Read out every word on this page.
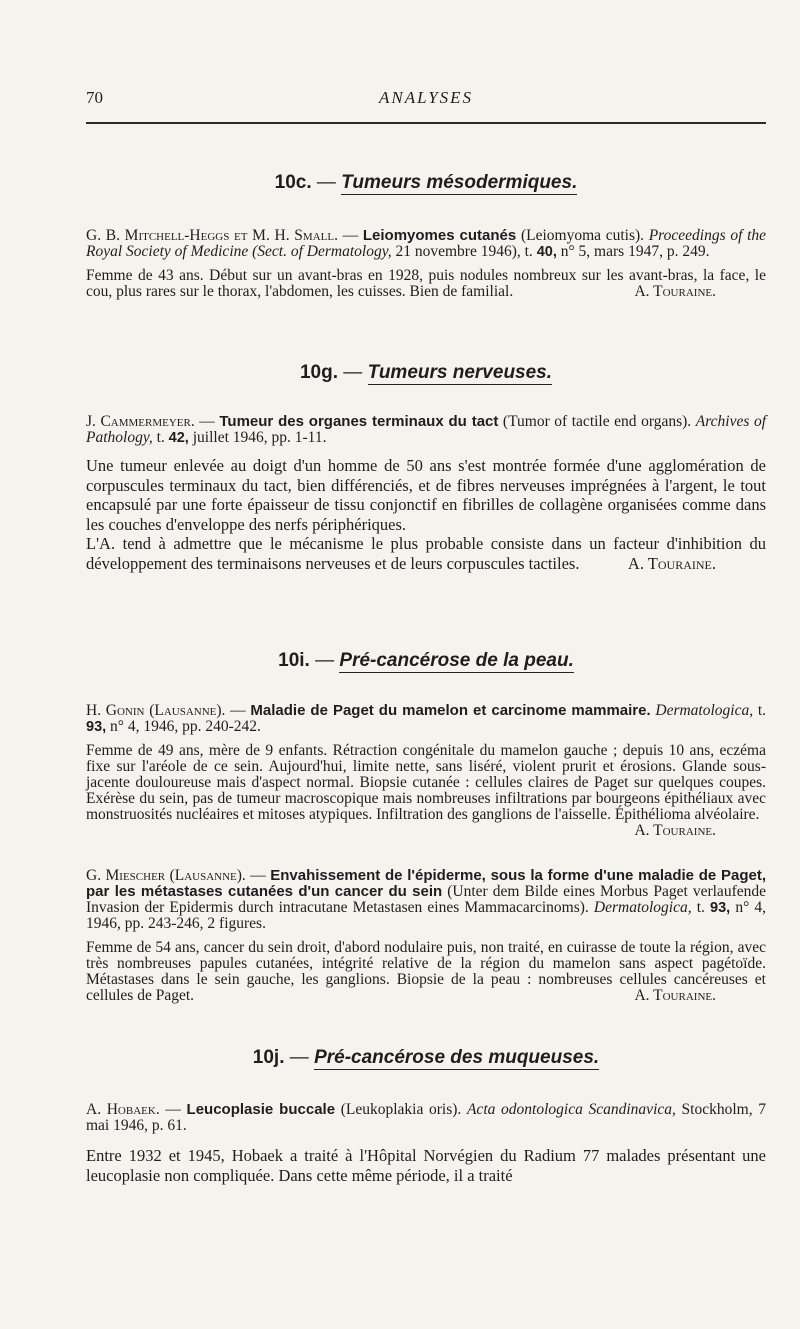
70	ANALYSES
10c. — Tumeurs mésodermiques.
G. B. Mitchell-Heggs et M. H. Small. — Leiomyomes cutanés (Leiomyoma cutis). Proceedings of the Royal Society of Medicine (Sect. of Dermatology, 21 novembre 1946), t. 40, n° 5, mars 1947, p. 249.
Femme de 43 ans. Début sur un avant-bras en 1928, puis nodules nombreux sur les avant-bras, la face, le cou, plus rares sur le thorax, l'abdomen, les cuisses. Bien de familial.	A. Touraine.
10g. — Tumeurs nerveuses.
J. Cammermeyer. — Tumeur des organes terminaux du tact (Tumor of tactile end organs). Archives of Pathology, t. 42, juillet 1946, pp. 1-11.

Une tumeur enlevée au doigt d'un homme de 50 ans s'est montrée formée d'une agglomération de corpuscules terminaux du tact, bien différenciés, et de fibres nerveuses imprégnées à l'argent, le tout encapsulé par une forte épaisseur de tissu conjonctif en fibrilles de collagène organisées comme dans les couches d'enveloppe des nerfs périphériques.

L'A. tend à admettre que le mécanisme le plus probable consiste dans un facteur d'inhibition du développement des terminaisons nerveuses et de leurs corpuscules tactiles.	A. Touraine.

10i. — Pré-cancérose de la peau.
H. Gonin (Lausanne). — Maladie de Paget du mamelon et carcinome mammaire. Dermatologica, t. 93, n° 4, 1946, pp. 240-242.
Femme de 49 ans, mère de 9 enfants. Rétraction congénitale du mamelon gauche ; depuis 10 ans, eczéma fixe sur l'aréole de ce sein. Aujourd'hui, limite nette, sans liséré, violent prurit et érosions. Glande sous-jacente douloureuse mais d'aspect normal. Biopsie cutanée : cellules claires de Paget sur quelques coupes. Exérèse du sein, pas de tumeur macroscopique mais nombreuses infiltrations par bourgeons épithéliaux avec monstruosités nucléaires et mitoses atypiques. Infiltration des ganglions de l'aisselle. Épithélioma alvéolaire.
A. Touraine.
G. Miescher (Lausanne). — Envahissement de l'épiderme, sous la forme d'une maladie de Paget, par les métastases cutanées d'un cancer du sein (Unter dem Bilde eines Morbus Paget verlaufende Invasion der Epidermis durch intracutane Metastasen eines Mammacarcinoms). Dermatologica, t. 93, n° 4, 1946, pp. 243-246, 2 figures.
Femme de 54 ans, cancer du sein droit, d'abord nodulaire puis, non traité, en cuirasse de toute la région, avec très nombreuses papules cutanées, intégrité relative de la région du mamelon sans aspect pagétoïde. Métastases dans le sein gauche, les ganglions. Biopsie de la peau : nombreuses cellules cancéreuses et cellules de Paget.	A. Touraine.
10j. — Pré-cancérose des muqueuses.
A. Hobaek. — Leucoplasie buccale (Leukoplakia oris). Acta odontologica Scandinavica, Stockholm, 7 mai 1946, p. 61.
Entre 1932 et 1945, Hobaek a traité à l'Hôpital Norvégien du Radium 77 malades présentant une leucoplasie non compliquée. Dans cette même période, il a traité
